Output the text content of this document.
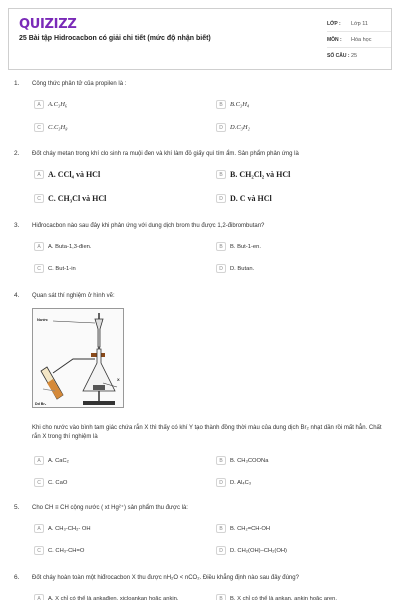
QUIZIZZ
25 Bài tập Hidrocacbon có giải chi tiết (mức độ nhận biết)
LỚP :	Lớp 11
MÔN :	Hóa học
SỐ CÂU : 25
1. Công thức phân tử của propilen là :
A	A.C₃H₆	B	B.C₃H₄
C	C.C₃H₈	D	D.C₃H₂
2. Đốt cháy metan trong khí clo sinh ra muội đen và khí làm đỏ giấy quì tím ẩm. Sản phẩm phản ứng là
A A. CCl₄ và HCl	B B. CH₂Cl₂ và HCl
C C. CH₃Cl và HCl	D D. C và HCl
3. Hiđrocacbon nào sau đây khi phản ứng với dung dịch brom thu được 1,2-đibrombutan?
A	A. Buta-1,3-đien.	B	B. But-1-en.
C	C. But-1-in	D	D. Butan.
4. Quan sát thí nghiệm ở hình vẽ:
Nước
X
Dd Br₂
Khi cho nước vào bình tam giác chứa rắn X thì thấy có khí Y tạo thành đồng thời màu của dung dịch Br₂ nhạt dần rồi mất hẳn. Chất rắn X trong thí nghiệm là
A	A. CaC₂	B	B. CH₃COONa
C	C. CaO	D	D. Al₄C₃
5. Cho CH ≡ CH cộng nước ( xt Hg²⁺) sản phẩm thu được là:
A	A. CH₃-CH₂- OH	B	B. CH₂=CH-OH
C	C. CH₃-CH=O	D	D. CH₂(OH)–CH₂(OH)
6. Đốt cháy hoàn toàn một hiđrocacbon X thu được nH₂O < nCO₂. Điều khẳng định nào sau đây đúng?
A	A. X chỉ có thể là ankađien, xicloankan hoặc ankin.	B	B. X chỉ có thể là ankan, ankin hoặc aren.
